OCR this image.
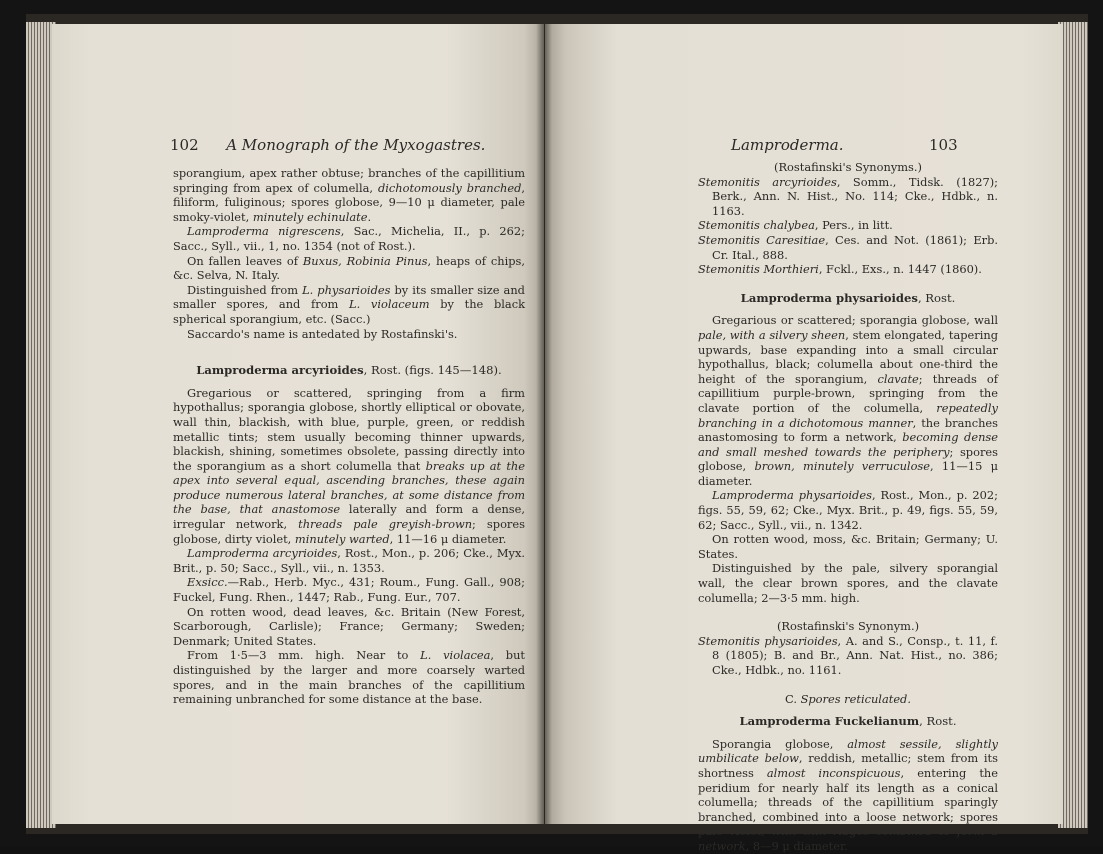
102 A Monograph of the Myxogastres.

sporangium, apex rather obtuse; branches of the capillitium springing from apex of columella, dichotomously branched, filiform, fuliginous; spores globose, 9—10 μ diameter, pale smoky-violet, minutely echinulate.

Lamproderma nigrescens, Sac., Michelia, II., p. 262; Sacc., Syll., vii., 1, no. 1354 (not of Rost.).

On fallen leaves of Buxus, Robinia Pinus, heaps of chips, &c. Selva, N. Italy.

Distinguished from L. physarioides by its smaller size and smaller spores, and from L. violaceum by the black spherical sporangium, etc. (Sacc.)

Saccardo's name is antedated by Rostafinski's.

Lamproderma arcyrioides, Rost. (figs. 145—148).

Gregarious or scattered, springing from a firm hypothallus; sporangia globose, shortly elliptical or obovate, wall thin, blackish, with blue, purple, green, or reddish metallic tints; stem usually becoming thinner upwards, blackish, shining, sometimes obsolete, passing directly into the sporangium as a short columella that breaks up at the apex into several equal, ascending branches, these again produce numerous lateral branches, at some distance from the base, that anastomose laterally and form a dense, irregular network, threads pale greyish-brown; spores globose, dirty violet, minutely warted, 11—16 μ diameter.

Lamproderma arcyrioides, Rost., Mon., p. 206; Cke., Myx. Brit., p. 50; Sacc., Syll., vii., n. 1353.

Exsicc.—Rab., Herb. Myc., 431; Roum., Fung. Gall., 908; Fuckel, Fung. Rhen., 1447; Rab., Fung. Eur., 707.

On rotten wood, dead leaves, &c. Britain (New Forest, Scarborough, Carlisle); France; Germany; Sweden; Denmark; United States.

From 1·5—3 mm. high. Near to L. violacea, but distinguished by the larger and more coarsely warted spores, and in the main branches of the capillitium remaining unbranched for some distance at the base.

Lamproderma.	103

(Rostafinski's Synonyms.)

Stemonitis arcyrioides, Somm., Tidsk. (1827); Berk., Ann. N. Hist., No. 114; Cke., Hdbk., n. 1163.

Stemonitis chalybea, Pers., in litt.

Stemonitis Caresitiae, Ces. and Not. (1861); Erb. Cr. Ital., 888.

Stemonitis Morthieri, Fckl., Exs., n. 1447 (1860).

Lamproderma physarioides, Rost.

Gregarious or scattered; sporangia globose, wall pale, with a silvery sheen, stem elongated, tapering upwards, base expanding into a small circular hypothallus, black; columella about one-third the height of the sporangium, clavate; threads of capillitium purple-brown, springing from the clavate portion of the columella, repeatedly branching in a dichotomous manner, the branches anastomosing to form a network, becoming dense and small meshed towards the periphery; spores globose, brown, minutely verruculose, 11—15 μ diameter.

Lamproderma physarioides, Rost., Mon., p. 202; figs. 55, 59, 62; Cke., Myx. Brit., p. 49, figs. 55, 59, 62; Sacc., Syll., vii., n. 1342.

On rotten wood, moss, &c. Britain; Germany; U. States.

Distinguished by the pale, silvery sporangial wall, the clear brown spores, and the clavate columella; 2—3·5 mm. high.

(Rostafinski's Synonym.)

Stemonitis physarioides, A. and S., Consp., t. 11, f. 8 (1805); B. and Br., Ann. Nat. Hist., no. 386; Cke., Hdbk., no. 1161.

C. Spores reticulated.

Lamproderma Fuckelianum, Rost.

Sporangia globose, almost sessile, slightly umbilicate below, reddish, metallic; stem from its shortness almost inconspicuous, entering the peridium for nearly half its length as a conical columella; threads of the capillitium sparingly branched, combined into a loose network; spores pale violet, with thin ridges combined to form a network, 8—9 μ diameter.
